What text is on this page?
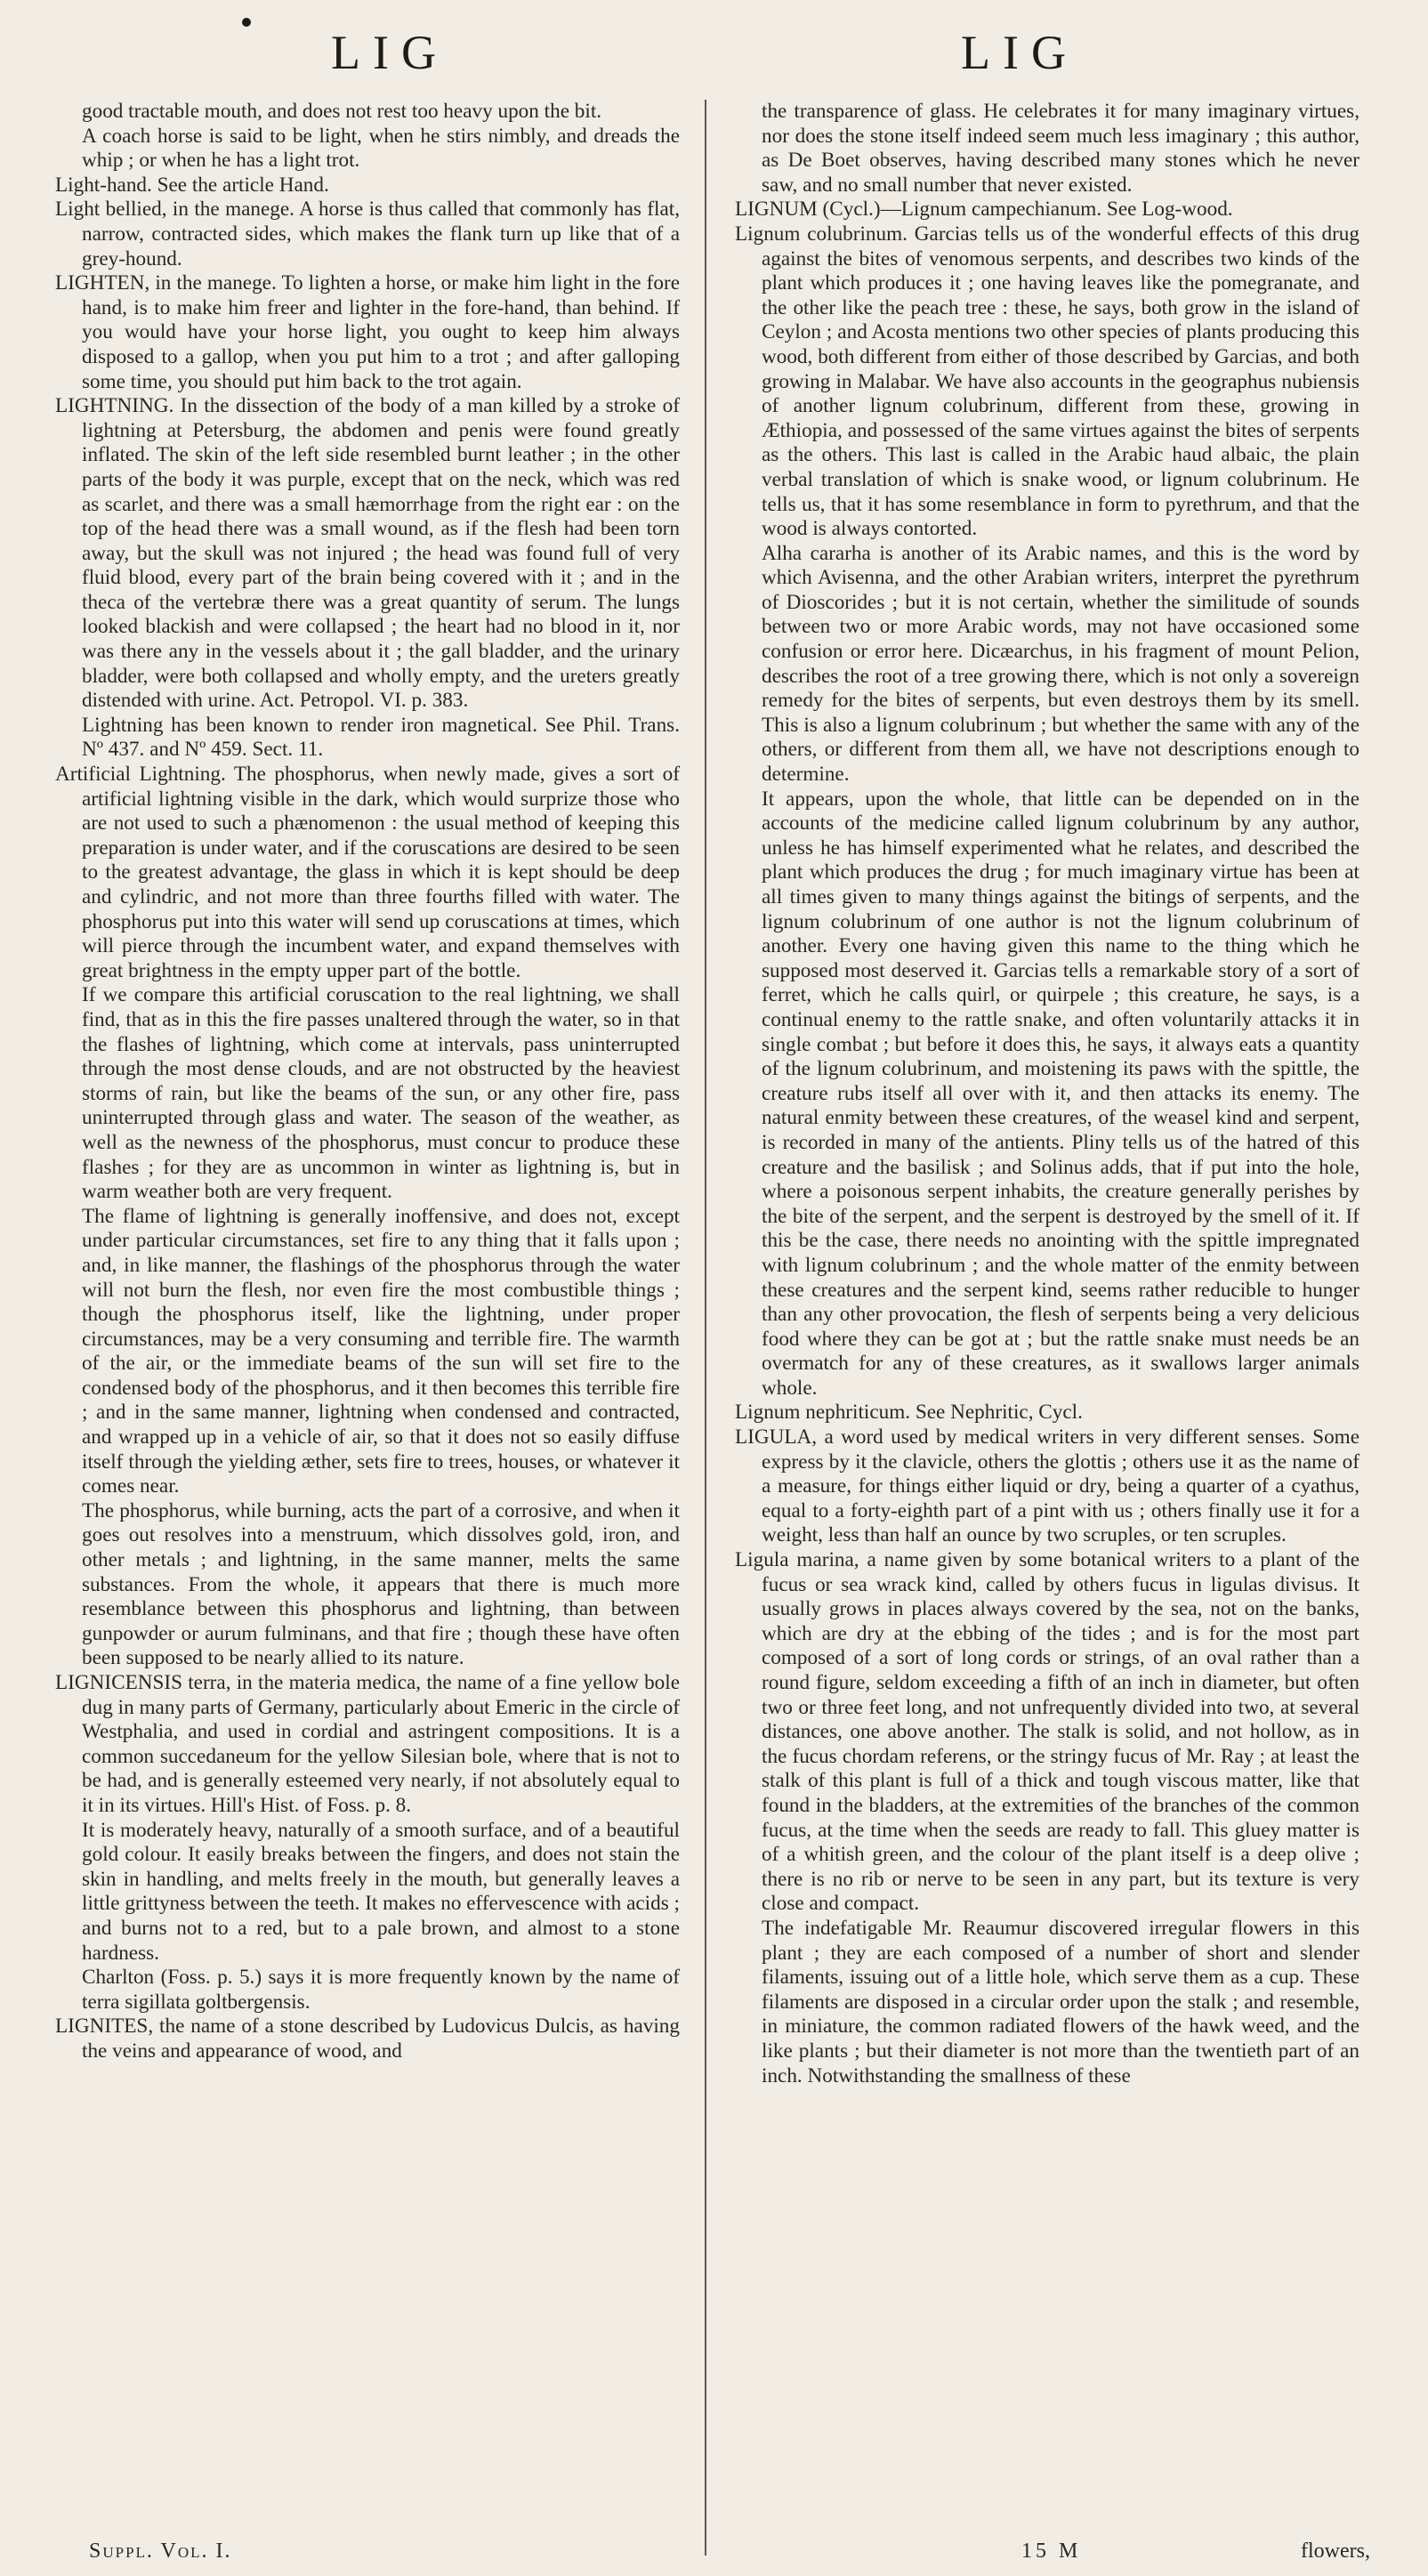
LIG	LIG

good tractable mouth, and does not rest too heavy upon the bit.

A coach horse is said to be light, when he stirs nimbly, and dreads the whip ; or when he has a light trot.

Light-hand. See the article Hand.

Light bellied, in the manege. A horse is thus called that commonly has flat, narrow, contracted sides, which makes the flank turn up like that of a grey-hound.

LIGHTEN, in the manege. To lighten a horse, or make him light in the fore hand, is to make him freer and lighter in the fore-hand, than behind. If you would have your horse light, you ought to keep him always disposed to a gallop, when you put him to a trot ; and after galloping some time, you should put him back to the trot again.

LIGHTNING. In the dissection of the body of a man killed by a stroke of lightning at Petersburg, the abdomen and penis were found greatly inflated. The skin of the left side resembled burnt leather ; in the other parts of the body it was purple, except that on the neck, which was red as scarlet, and there was a small hæmorrhage from the right ear : on the top of the head there was a small wound, as if the flesh had been torn away, but the skull was not injured ; the head was found full of very fluid blood, every part of the brain being covered with it ; and in the theca of the vertebræ there was a great quantity of serum. The lungs looked blackish and were collapsed ; the heart had no blood in it, nor was there any in the vessels about it ; the gall bladder, and the urinary bladder, were both collapsed and wholly empty, and the ureters greatly distended with urine. Act. Petropol. VI. p. 383.

Lightning has been known to render iron magnetical. See Phil. Trans. Nº 437. and Nº 459. Sect. 11.

Artificial Lightning. The phosphorus, when newly made, gives a sort of artificial lightning visible in the dark, which would surprize those who are not used to such a phænomenon : the usual method of keeping this preparation is under water, and if the coruscations are desired to be seen to the greatest advantage, the glass in which it is kept should be deep and cylindric, and not more than three fourths filled with water. The phosphorus put into this water will send up coruscations at times, which will pierce through the incumbent water, and expand themselves with great brightness in the empty upper part of the bottle.

If we compare this artificial coruscation to the real lightning, we shall find, that as in this the fire passes unaltered through the water, so in that the flashes of lightning, which come at intervals, pass uninterrupted through the most dense clouds, and are not obstructed by the heaviest storms of rain, but like the beams of the sun, or any other fire, pass uninterrupted through glass and water. The season of the weather, as well as the newness of the phosphorus, must concur to produce these flashes ; for they are as uncommon in winter as lightning is, but in warm weather both are very frequent.

The flame of lightning is generally inoffensive, and does not, except under particular circumstances, set fire to any thing that it falls upon ; and, in like manner, the flashings of the phosphorus through the water will not burn the flesh, nor even fire the most combustible things ; though the phosphorus itself, like the lightning, under proper circumstances, may be a very consuming and terrible fire. The warmth of the air, or the immediate beams of the sun will set fire to the condensed body of the phosphorus, and it then becomes this terrible fire ; and in the same manner, lightning when condensed and contracted, and wrapped up in a vehicle of air, so that it does not so easily diffuse itself through the yielding æther, sets fire to trees, houses, or whatever it comes near.

The phosphorus, while burning, acts the part of a corrosive, and when it goes out resolves into a menstruum, which dissolves gold, iron, and other metals ; and lightning, in the same manner, melts the same substances. From the whole, it appears that there is much more resemblance between this phosphorus and lightning, than between gunpowder or aurum fulminans, and that fire ; though these have often been supposed to be nearly allied to its nature.

LIGNICENSIS terra, in the materia medica, the name of a fine yellow bole dug in many parts of Germany, particularly about Emeric in the circle of Westphalia, and used in cordial and astringent compositions. It is a common succedaneum for the yellow Silesian bole, where that is not to be had, and is generally esteemed very nearly, if not absolutely equal to it in its virtues. Hill's Hist. of Foss. p. 8.

It is moderately heavy, naturally of a smooth surface, and of a beautiful gold colour. It easily breaks between the fingers, and does not stain the skin in handling, and melts freely in the mouth, but generally leaves a little grittyness between the teeth. It makes no effervescence with acids ; and burns not to a red, but to a pale brown, and almost to a stone hardness.

Charlton (Foss. p. 5.) says it is more frequently known by the name of terra sigillata goltbergensis.

LIGNITES, the name of a stone described by Ludovicus Dulcis, as having the veins and appearance of wood, and

the transparence of glass. He celebrates it for many imaginary virtues, nor does the stone itself indeed seem much less imaginary ; this author, as De Boet observes, having described many stones which he never saw, and no small number that never existed.

LIGNUM (Cycl.)—Lignum campechianum. See Log-wood.

Lignum colubrinum. Garcias tells us of the wonderful effects of this drug against the bites of venomous serpents, and describes two kinds of the plant which produces it ; one having leaves like the pomegranate, and the other like the peach tree : these, he says, both grow in the island of Ceylon ; and Acosta mentions two other species of plants producing this wood, both different from either of those described by Garcias, and both growing in Malabar. We have also accounts in the geographus nubiensis of another lignum colubrinum, different from these, growing in Æthiopia, and possessed of the same virtues against the bites of serpents as the others. This last is called in the Arabic haud albaic, the plain verbal translation of which is snake wood, or lignum colubrinum. He tells us, that it has some resemblance in form to pyrethrum, and that the wood is always contorted.

Alha cararha is another of its Arabic names, and this is the word by which Avisenna, and the other Arabian writers, interpret the pyrethrum of Dioscorides ; but it is not certain, whether the similitude of sounds between two or more Arabic words, may not have occasioned some confusion or error here. Dicæarchus, in his fragment of mount Pelion, describes the root of a tree growing there, which is not only a sovereign remedy for the bites of serpents, but even destroys them by its smell. This is also a lignum colubrinum ; but whether the same with any of the others, or different from them all, we have not descriptions enough to determine.

It appears, upon the whole, that little can be depended on in the accounts of the medicine called lignum colubrinum by any author, unless he has himself experimented what he relates, and described the plant which produces the drug ; for much imaginary virtue has been at all times given to many things against the bitings of serpents, and the lignum colubrinum of one author is not the lignum colubrinum of another. Every one having given this name to the thing which he supposed most deserved it. Garcias tells a remarkable story of a sort of ferret, which he calls quirl, or quirpele ; this creature, he says, is a continual enemy to the rattle snake, and often voluntarily attacks it in single combat ; but before it does this, he says, it always eats a quantity of the lignum colubrinum, and moistening its paws with the spittle, the creature rubs itself all over with it, and then attacks its enemy. The natural enmity between these creatures, of the weasel kind and serpent, is recorded in many of the antients. Pliny tells us of the hatred of this creature and the basilisk ; and Solinus adds, that if put into the hole, where a poisonous serpent inhabits, the creature generally perishes by the bite of the serpent, and the serpent is destroyed by the smell of it. If this be the case, there needs no anointing with the spittle impregnated with lignum colubrinum ; and the whole matter of the enmity between these creatures and the serpent kind, seems rather reducible to hunger than any other provocation, the flesh of serpents being a very delicious food where they can be got at ; but the rattle snake must needs be an overmatch for any of these creatures, as it swallows larger animals whole.

Lignum nephriticum. See Nephritic, Cycl.

LIGULA, a word used by medical writers in very different senses. Some express by it the clavicle, others the glottis ; others use it as the name of a measure, for things either liquid or dry, being a quarter of a cyathus, equal to a forty-eighth part of a pint with us ; others finally use it for a weight, less than half an ounce by two scruples, or ten scruples.

Ligula marina, a name given by some botanical writers to a plant of the fucus or sea wrack kind, called by others fucus in ligulas divisus. It usually grows in places always covered by the sea, not on the banks, which are dry at the ebbing of the tides ; and is for the most part composed of a sort of long cords or strings, of an oval rather than a round figure, seldom exceeding a fifth of an inch in diameter, but often two or three feet long, and not unfrequently divided into two, at several distances, one above another. The stalk is solid, and not hollow, as in the fucus chordam referens, or the stringy fucus of Mr. Ray ; at least the stalk of this plant is full of a thick and tough viscous matter, like that found in the bladders, at the extremities of the branches of the common fucus, at the time when the seeds are ready to fall. This gluey matter is of a whitish green, and the colour of the plant itself is a deep olive ; there is no rib or nerve to be seen in any part, but its texture is very close and compact.

The indefatigable Mr. Reaumur discovered irregular flowers in this plant ; they are each composed of a number of short and slender filaments, issuing out of a little hole, which serve them as a cup. These filaments are disposed in a circular order upon the stalk ; and resemble, in miniature, the common radiated flowers of the hawk weed, and the like plants ; but their diameter is not more than the twentieth part of an inch. Notwithstanding the smallness of these

Suppl. Vol. I.	15 M	flowers,
